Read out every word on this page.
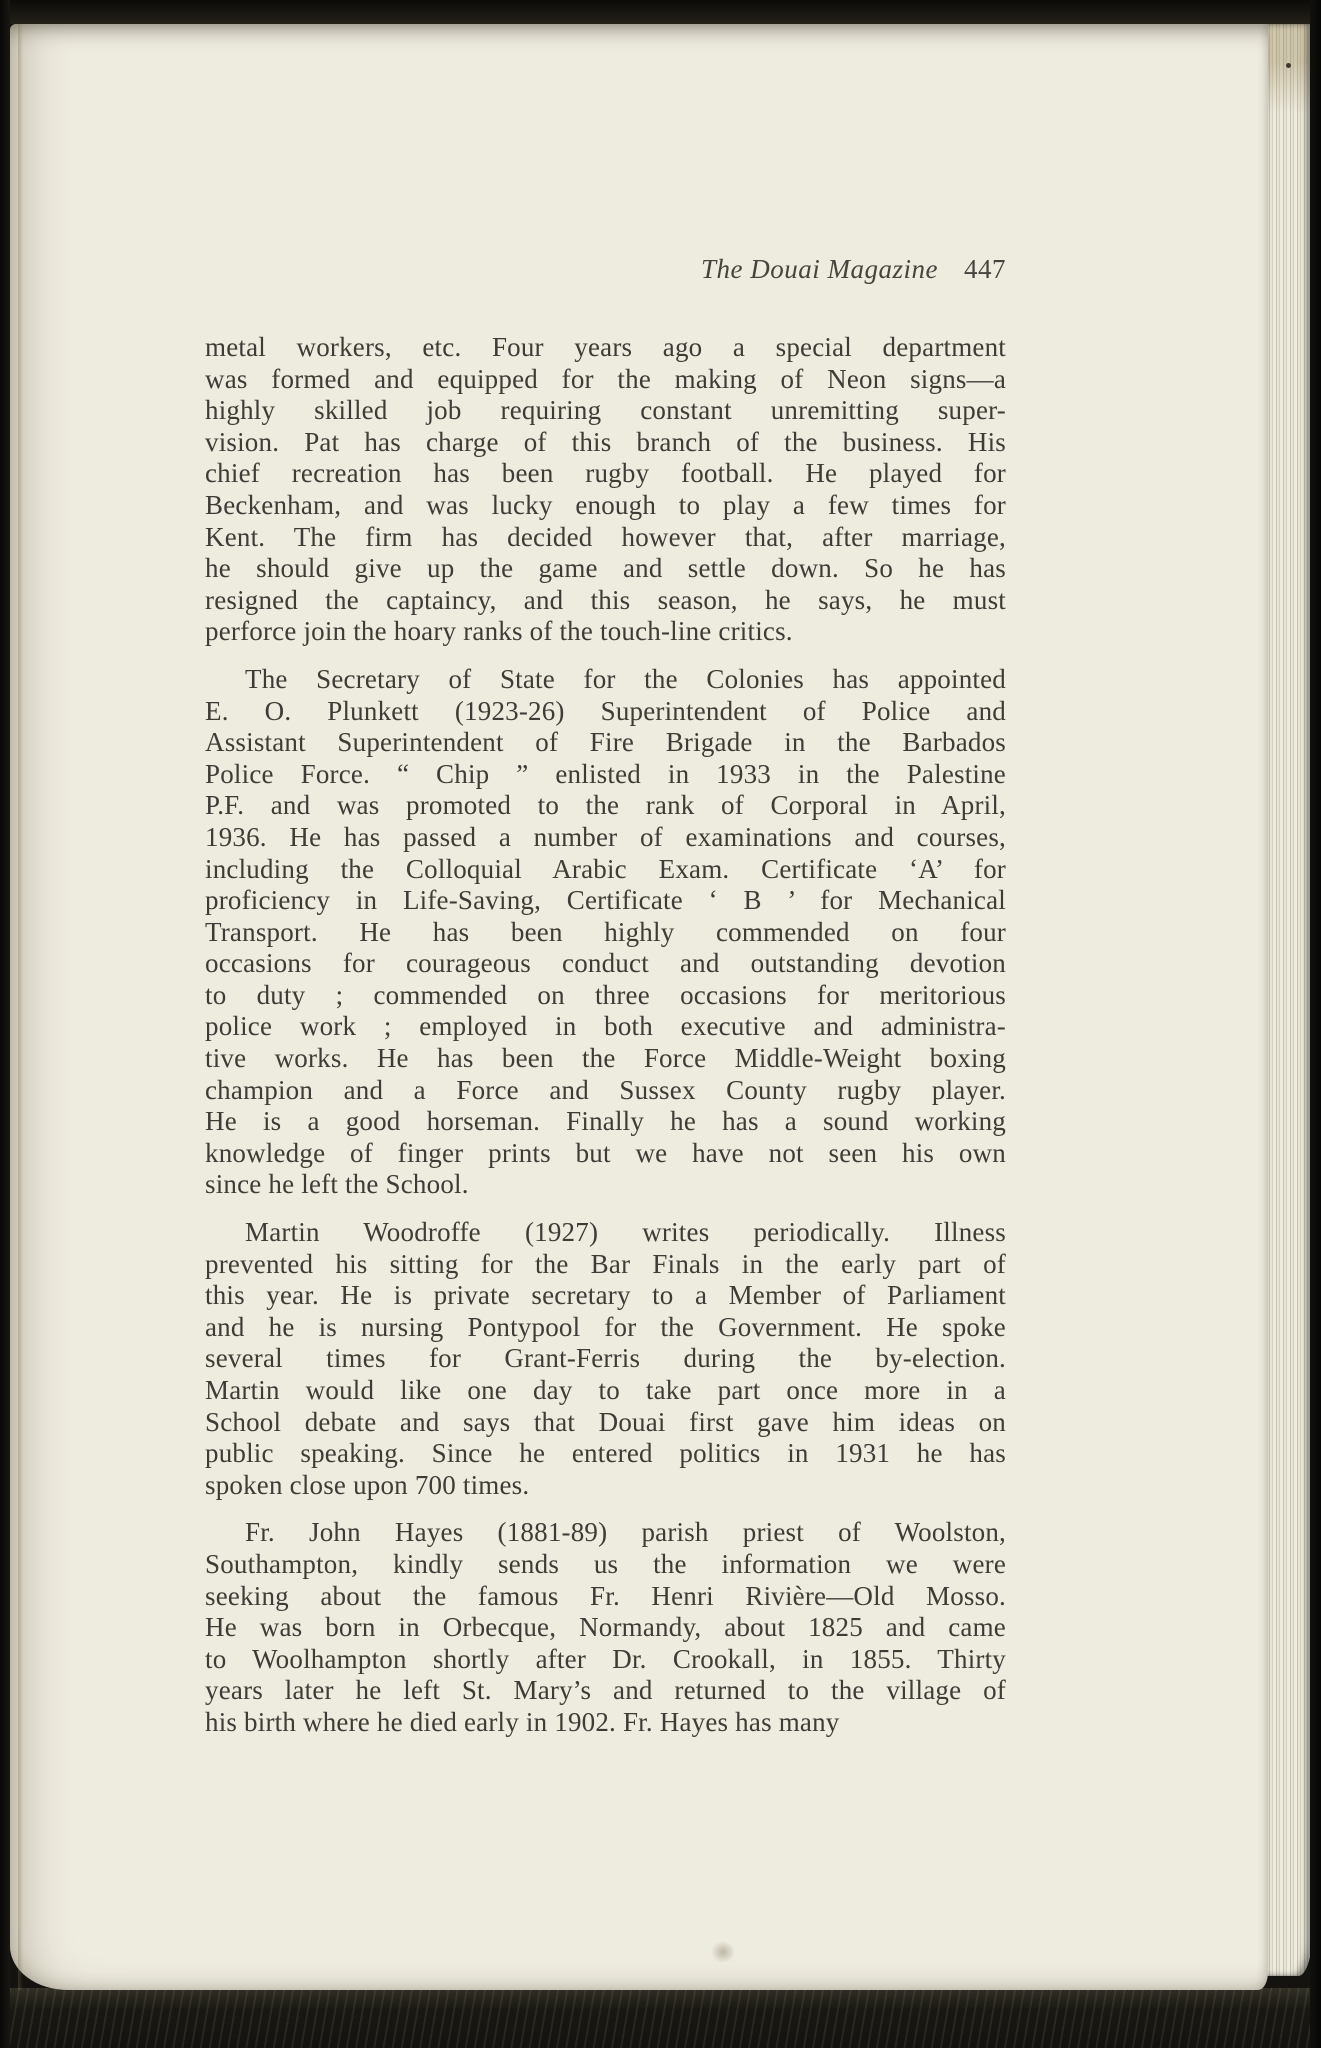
The Douai Magazine 447
metal workers, etc. Four years ago a special department
was formed and equipped for the making of Neon signs—a
highly skilled job requiring constant unremitting super-
vision. Pat has charge of this branch of the business. His
chief recreation has been rugby football. He played for
Beckenham, and was lucky enough to play a few times for
Kent. The firm has decided however that, after marriage,
he should give up the game and settle down. So he has
resigned the captaincy, and this season, he says, he must
perforce join the hoary ranks of the touch-line critics.
The Secretary of State for the Colonies has appointed
E. O. Plunkett (1923-26) Superintendent of Police and
Assistant Superintendent of Fire Brigade in the Barbados
Police Force. “ Chip ” enlisted in 1933 in the Palestine
P.F. and was promoted to the rank of Corporal in April,
1936. He has passed a number of examinations and courses,
including the Colloquial Arabic Exam. Certificate ‘A’ for
proficiency in Life-Saving, Certificate ‘ B ’ for Mechanical
Transport. He has been highly commended on four
occasions for courageous conduct and outstanding devotion
to duty ; commended on three occasions for meritorious
police work ; employed in both executive and administra-
tive works. He has been the Force Middle-Weight boxing
champion and a Force and Sussex County rugby player.
He is a good horseman. Finally he has a sound working
knowledge of finger prints but we have not seen his own
since he left the School.
Martin Woodroffe (1927) writes periodically. Illness
prevented his sitting for the Bar Finals in the early part of
this year. He is private secretary to a Member of Parliament
and he is nursing Pontypool for the Government. He spoke
several times for Grant-Ferris during the by-election.
Martin would like one day to take part once more in a
School debate and says that Douai first gave him ideas on
public speaking. Since he entered politics in 1931 he has
spoken close upon 700 times.
Fr. John Hayes (1881-89) parish priest of Woolston,
Southampton, kindly sends us the information we were
seeking about the famous Fr. Henri Rivière—Old Mosso.
He was born in Orbecque, Normandy, about 1825 and came
to Woolhampton shortly after Dr. Crookall, in 1855. Thirty
years later he left St. Mary’s and returned to the village of
his birth where he died early in 1902. Fr. Hayes has many
